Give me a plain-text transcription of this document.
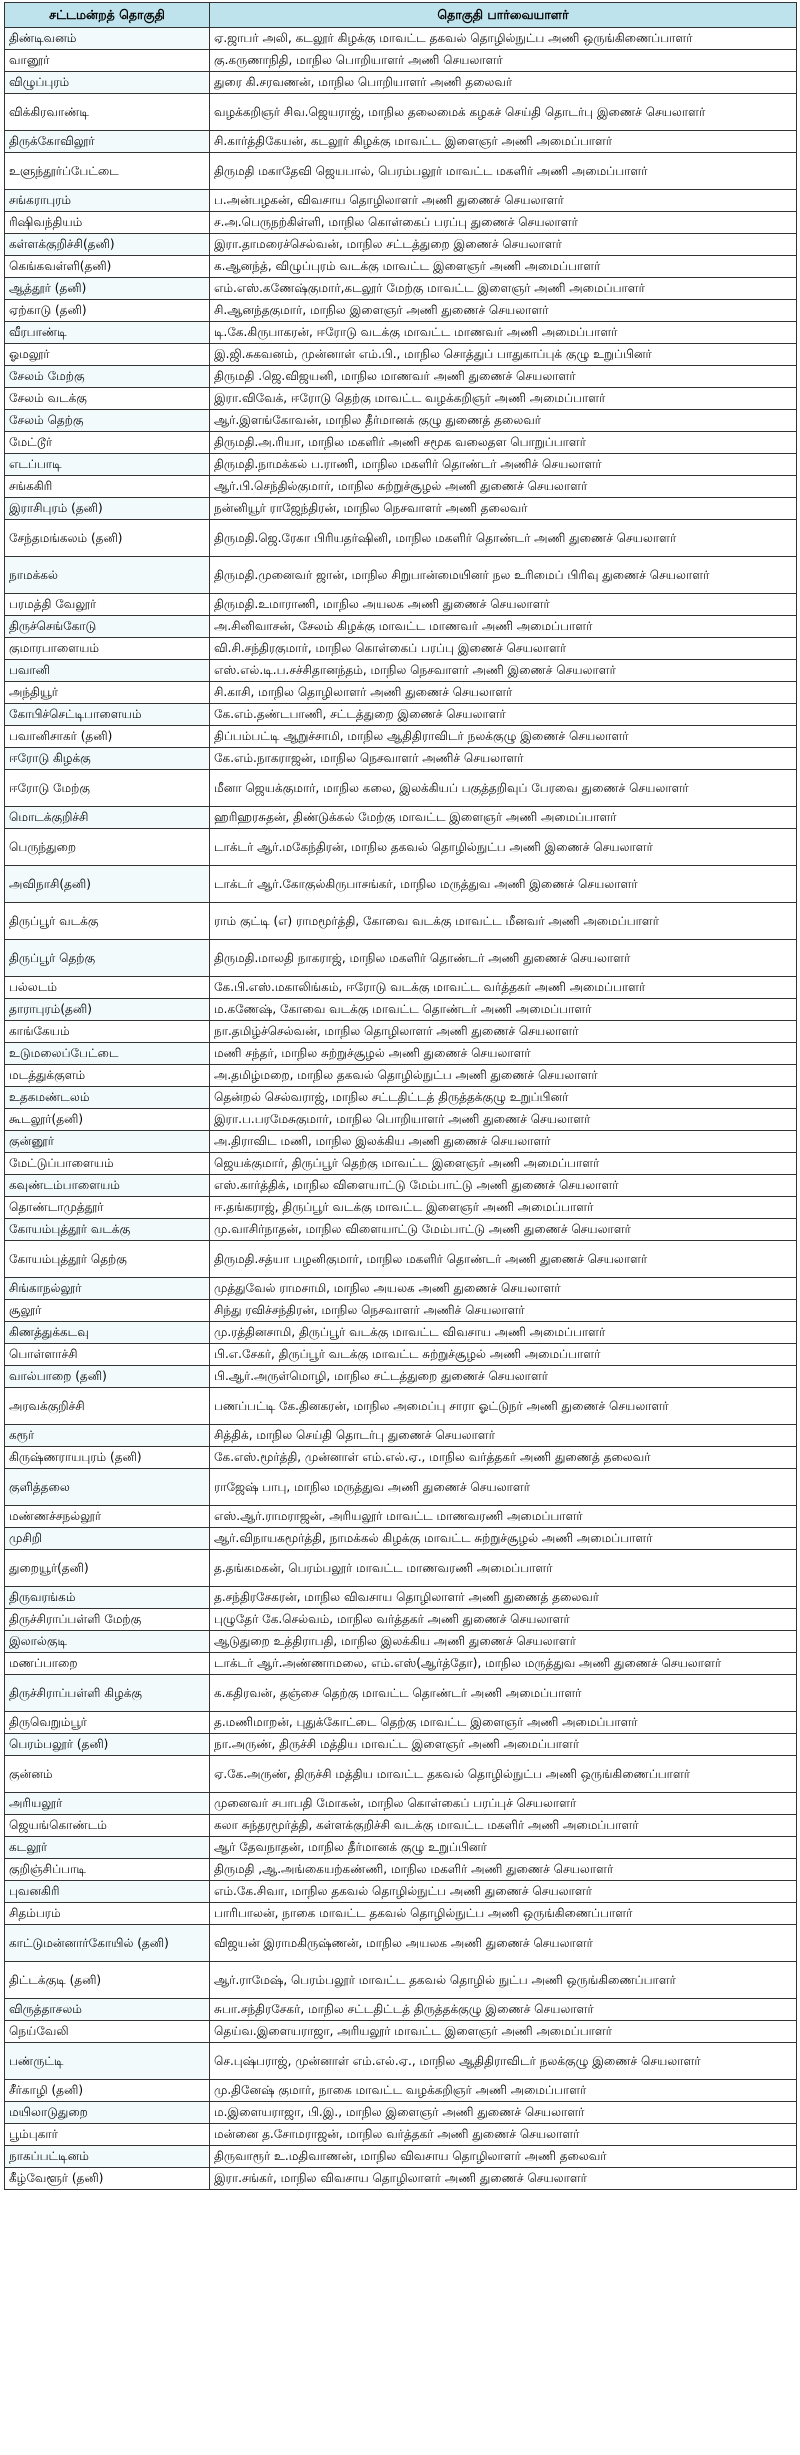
சட்டமன்றத் தொகுதி	தொகுதி பார்வையாளர்
திண்டிவனம்	ஏ.ஜாபர் அலி, கடலூர் கிழக்கு மாவட்ட தகவல் தொழில்நுட்ப அணி ஒருங்கிணைப்பாளர்
வானூர்	கு.கருணாநிதி, மாநில பொறியாளர் அணி செயலாளர்
விழுப்புரம்	துரை கி.சரவணன், மாநில பொறியாளர் அணி தலைவர்
விக்கிரவாண்டி	வழக்கறிஞர் சிவ.ஜெயராஜ், மாநில தலைமைக் கழகச் செய்தி தொடர்பு இணைச் செயலாளர்
திருக்கோவிலூர்	சி.கார்த்திகேயன், கடலூர் கிழக்கு மாவட்ட இளைஞர் அணி அமைப்பாளர்
உளுந்தூர்ப்பேட்டை	திருமதி மகாதேவி ஜெயபால், பெரம்பலூர் மாவட்ட மகளிர் அணி அமைப்பாளர்
சங்கராபுரம்	ப.அன்பழகன், விவசாய தொழிலாளர் அணி துணைச் செயலாளர்
ரிஷிவந்தியம்	ச.அ.பெருநற்கிள்ளி, மாநில கொள்கைப் பரப்பு துணைச் செயலாளர்
கள்ளக்குறிச்சி(தனி)	இரா.தாமரைச்செல்வன், மாநில சட்டத்துறை இணைச் செயலாளர்
கெங்கவள்ளி(தனி)	க.ஆனந்த், விழுப்புரம் வடக்கு மாவட்ட இளைஞர் அணி அமைப்பாளர்
ஆத்தூர் (தனி)	எம்.எஸ்.கணேஷ்குமார்,கடலூர் மேற்கு மாவட்ட இளைஞர் அணி அமைப்பாளர்
ஏற்காடு (தனி)	சி.ஆனந்தகுமார், மாநில இளைஞர் அணி துணைச் செயலாளர்
வீரபாண்டி	டி.கே.கிருபாகரன், ஈரோடு வடக்கு மாவட்ட மாணவர் அணி அமைப்பாளர்
ஓமலூர்	இ.ஜி.சுகவனம், முன்னாள் எம்.பி., மாநில சொத்துப் பாதுகாப்புக் குழு உறுப்பினர்
சேலம் மேற்கு	திருமதி .ஜெ.விஜயனி, மாநில மாணவர் அணி துணைச் செயலாளர்
சேலம் வடக்கு	இரா.விவேக், ஈரோடு தெற்கு மாவட்ட வழக்கறிஞர் அணி அமைப்பாளர்
சேலம் தெற்கு	ஆர்.இளங்கோவன், மாநில தீர்மானக் குழு துணைத் தலைவர்
மேட்டூர்	திருமதி.அ.ரியா, மாநில மகளிர் அணி சமூக வலைதள பொறுப்பாளர்
எடப்பாடி	திருமதி.நாமக்கல் ப.ராணி, மாநில மகளிர் தொண்டர் அணிச் செயலாளர்
சங்ககிரி	ஆர்.பி.செந்தில்குமார், மாநில சுற்றுச்சூழல் அணி துணைச் செயலாளர்
இராசிபுரம் (தனி)	நன்னியூர் ராஜேந்திரன், மாநில நெசவாளர் அணி தலைவர்
சேந்தமங்கலம் (தனி)	திருமதி.ஜெ.ரேகா பிரியதர்ஷினி, மாநில மகளிர் தொண்டர் அணி துணைச் செயலாளர்
நாமக்கல்	திருமதி.முனைவர் ஜான், மாநில சிறுபான்மையினர் நல உரிமைப் பிரிவு துணைச் செயலாளர்
பரமத்தி வேலூர்	திருமதி.உமாராணி, மாநில அயலக அணி துணைச் செயலாளர்
திருச்செங்கோடு	அ.சினிவாசன், சேலம் கிழக்கு மாவட்ட மாணவர் அணி அமைப்பாளர்
குமாரபாளையம்	வி.சி.சந்திரகுமார், மாநில கொள்கைப் பரப்பு இணைச் செயலாளர்
பவானி	எஸ்.எல்.டி.ப.சச்சிதானந்தம், மாநில நெசவாளர் அணி இணைச் செயலாளர்
அந்தியூர்	சி.காசி, மாநில தொழிலாளர் அணி துணைச் செயலாளர்
கோபிச்செட்டிபாளையம்	கே.எம்.தண்டபாணி, சட்டத்துறை இணைச் செயலாளர்
பவானிசாகர் (தனி)	திப்பம்பட்டி ஆறுச்சாமி, மாநில ஆதிதிராவிடர் நலக்குழு இணைச் செயலாளர்
ஈரோடு கிழக்கு	கே.எம்.நாகராஜன், மாநில நெசவாளர் அணிச் செயலாளர்
ஈரோடு மேற்கு	மீனா ஜெயக்குமார், மாநில கலை, இலக்கியப் பகுத்தறிவுப் பேரவை துணைச் செயலாளர்
மொடக்குறிச்சி	ஹரிஹரசுதன், திண்டுக்கல் மேற்கு மாவட்ட இளைஞர் அணி அமைப்பாளர்
பெருந்துறை	டாக்டர் ஆர்.மகேந்திரன், மாநில தகவல் தொழில்நுட்ப அணி இணைச் செயலாளர்
அவிநாசி(தனி)	டாக்டர் ஆர்.கோகுல்கிருபாசங்கர், மாநில மருத்துவ அணி இணைச் செயலாளர்
திருப்பூர் வடக்கு	ராம் குட்டி (எ) ராமமூர்த்தி, கோவை வடக்கு மாவட்ட மீனவர் அணி அமைப்பாளர்
திருப்பூர் தெற்கு	திருமதி.மாலதி நாகராஜ், மாநில மகளிர் தொண்டர் அணி துணைச் செயலாளர்
பல்லடம்	கே.பி.எஸ்.மகாலிங்கம், ஈரோடு வடக்கு மாவட்ட வர்த்தகர் அணி அமைப்பாளர்
தாராபுரம்(தனி)	ம.கணேஷ், கோவை வடக்கு மாவட்ட தொண்டர் அணி அமைப்பாளர்
காங்கேயம்	நா.தமிழ்ச்செல்வன், மாநில தொழிலாளர் அணி துணைச் செயலாளர்
உடுமலைப்பேட்டை	மணி சந்தர், மாநில சுற்றுச்சூழல் அணி துணைச் செயலாளர்
மடத்துக்குளம்	அ.தமிழ்மறை, மாநில தகவல் தொழில்நுட்ப அணி துணைச் செயலாளர்
உதகமண்டலம்	தென்றல் செல்வராஜ், மாநில சட்டதிட்டத் திருத்தக்குழு உறுப்பினர்
கூடலூர்(தனி)	இரா.ப.பரமேசுகுமார், மாநில பொறியாளர் அணி துணைச் செயலாளர்
குன்னூர்	அ.திராவிட மணி, மாநில இலக்கிய அணி துணைச் செயலாளர்
மேட்டுப்பாளையம்	ஜெயக்குமார், திருப்பூர் தெற்கு மாவட்ட இளைஞர் அணி அமைப்பாளர்
கவுண்டம்பாளையம்	எஸ்.கார்த்திக், மாநில விளையாட்டு மேம்பாட்டு அணி துணைச் செயலாளர்
தொண்டாமுத்தூர்	ஈ.தங்கராஜ், திருப்பூர் வடக்கு மாவட்ட இளைஞர் அணி அமைப்பாளர்
கோயம்புத்தூர் வடக்கு	மு.வாசிர்நாதன், மாநில விளையாட்டு மேம்பாட்டு அணி துணைச் செயலாளர்
கோயம்புத்தூர் தெற்கு	திருமதி.சத்யா பழனிகுமார், மாநில மகளிர் தொண்டர் அணி துணைச் செயலாளர்
சிங்காநல்லூர்	முத்துவேல் ராமசாமி, மாநில அயலக அணி துணைச் செயலாளர்
சூலூர்	சிந்து ரவிச்சந்திரன், மாநில நெசவாளர் அணிச் செயலாளர்
கிணத்துக்கடவு	மு.ரத்தினசாமி, திருப்பூர் வடக்கு மாவட்ட விவசாய அணி அமைப்பாளர்
பொள்ளாச்சி	பி.எ.சேகர், திருப்பூர் வடக்கு மாவட்ட சுற்றுச்சூழல் அணி அமைப்பாளர்
வால்பாறை (தனி)	பி.ஆர்.அருள்மொழி, மாநில சட்டத்துறை துணைச் செயலாளர்
அரவக்குறிச்சி	பணப்பட்டி கே.தினகரன், மாநில அமைப்பு சாரா ஓட்டுநர் அணி துணைச் செயலாளர்
கரூர்	சித்திக், மாநில செய்தி தொடர்பு துணைச் செயலாளர்
கிருஷ்ணராயபுரம் (தனி)	கே.எஸ்.மூர்த்தி, முன்னாள் எம்.எல்.ஏ., மாநில வர்த்தகர் அணி துணைத் தலைவர்
குளித்தலை	ராஜேஷ் பாபு, மாநில மருத்துவ அணி துணைச் செயலாளர்
மண்ணச்சநல்லூர்	எஸ்.ஆர்.ராமராஜன், அரியலூர் மாவட்ட மாணவரணி அமைப்பாளர்
முசிறி	ஆர்.விநாயகமூர்த்தி, நாமக்கல் கிழக்கு மாவட்ட சுற்றுச்சூழல் அணி அமைப்பாளர்
துறையூர்(தனி)	த.தங்கமகன், பெரம்பலூர் மாவட்ட மாணவரணி அமைப்பாளர்
திருவரங்கம்	த.சந்திரசேகரன், மாநில விவசாய தொழிலாளர் அணி துணைத் தலைவர்
திருச்சிராப்பள்ளி மேற்கு	புழுதேர் கே.செல்வம், மாநில வர்த்தகர் அணி துணைச் செயலாளர்
இலால்குடி	ஆடுதுறை உத்திராபதி, மாநில இலக்கிய அணி துணைச் செயலாளர்
மணப்பாறை	டாக்டர் ஆர்.அண்ணாமலை, எம்.எஸ்(ஆர்த்தோ), மாநில மருத்துவ அணி துணைச் செயலாளர்
திருச்சிராப்பள்ளி கிழக்கு	க.கதிரவன், தஞ்சை தெற்கு மாவட்ட தொண்டர் அணி அமைப்பாளர்
திருவெறும்பூர்	த.மணிமாறன், புதுக்கோட்டை தெற்கு மாவட்ட இளைஞர் அணி அமைப்பாளர்
பெரம்பலூர் (தனி)	நா.அருண், திருச்சி மத்திய மாவட்ட இளைஞர் அணி அமைப்பாளர்
குன்னம்	ஏ.கே.அருண், திருச்சி மத்திய மாவட்ட தகவல் தொழில்நுட்ப அணி ஒருங்கிணைப்பாளர்
அரியலூர்	முனைவர் சபாபதி மோகன், மாநில கொள்கைப் பரப்புச் செயலாளர்
ஜெயங்கொண்டம்	கலா சுந்தரமூர்த்தி, கள்ளக்குறிச்சி வடக்கு மாவட்ட மகளிர் அணி அமைப்பாளர்
கடலூர்	ஆர் தேவநாதன், மாநில தீர்மானக் குழு உறுப்பினர்
குறிஞ்சிப்பாடி	திருமதி ,ஆ.அங்கையற்கண்ணி, மாநில மகளிர் அணி துணைச் செயலாளர்
புவனகிரி	எம்.கே.சிவா, மாநில தகவல் தொழில்நுட்ப அணி துணைச் செயலாளர்
சிதம்பரம்	பாரிபாலன், நாகை மாவட்ட தகவல் தொழில்நுட்ப அணி ஒருங்கிணைப்பாளர்
காட்டுமன்னார்கோயில் (தனி)	விஜயன் இராமகிருஷ்ணன், மாநில அயலக அணி துணைச் செயலாளர்
திட்டக்குடி (தனி)	ஆர்.ராமேஷ், பெரம்பலூர் மாவட்ட தகவல் தொழில் நுட்ப அணி ஒருங்கிணைப்பாளர்
விருத்தாசலம்	சுபா.சந்திரசேகர், மாநில சட்டதிட்டத் திருத்தக்குழு இணைச் செயலாளர்
நெய்வேலி	தெய்வ.இளையராஜா, அரியலூர் மாவட்ட இளைஞர் அணி அமைப்பாளர்
பண்ருட்டி	செ.புஷ்பராஜ், முன்னாள் எம்.எல்.ஏ., மாநில ஆதிதிராவிடர் நலக்குழு இணைச் செயலாளர்
சீர்காழி (தனி)	மு.தினேஷ் குமார், நாகை மாவட்ட வழக்கறிஞர் அணி அமைப்பாளர்
மயிலாடுதுறை	ம.இளையராஜா, பி.இ., மாநில இளைஞர் அணி துணைச் செயலாளர்
பூம்புகார்	மன்னை த.சோமராஜன், மாநில வர்த்தகர் அணி துணைச் செயலாளர்
நாகப்பட்டினம்	திருவாரூர் உ.மதிவாணன், மாநில விவசாய தொழிலாளர் அணி தலைவர்
கீழ்வேளூர் (தனி)	இரா.சங்கர், மாநில விவசாய தொழிலாளர் அணி துணைச் செயலாளர்
